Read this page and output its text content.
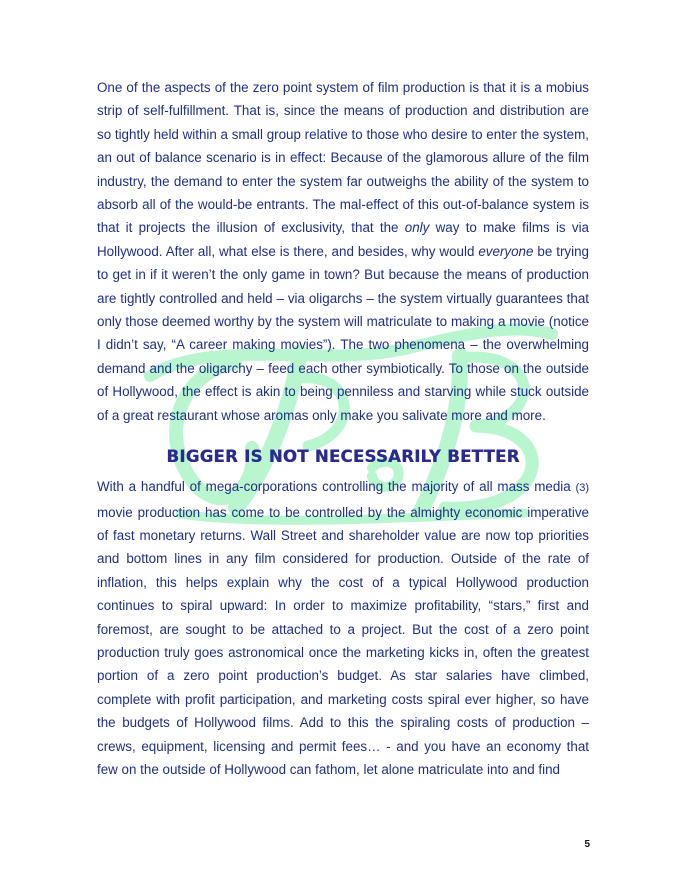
One of the aspects of the zero point system of film production is that it is a mobius strip of self-fulfillment. That is, since the means of production and distribution are so tightly held within a small group relative to those who desire to enter the system, an out of balance scenario is in effect: Because of the glamorous allure of the film industry, the demand to enter the system far outweighs the ability of the system to absorb all of the would-be entrants. The mal-effect of this out-of-balance system is that it projects the illusion of exclusivity, that the only way to make films is via Hollywood. After all, what else is there, and besides, why would everyone be trying to get in if it weren’t the only game in town? But because the means of production are tightly controlled and held – via oligarchs – the system virtually guarantees that only those deemed worthy by the system will matriculate to making a movie (notice I didn’t say, “A career making movies”). The two phenomena – the overwhelming demand and the oligarchy – feed each other symbiotically. To those on the outside of Hollywood, the effect is akin to being penniless and starving while stuck outside of a great restaurant whose aromas only make you salivate more and more.

BIGGER IS NOT NECESSARILY BETTER

With a handful of mega-corporations controlling the majority of all mass media (3) movie production has come to be controlled by the almighty economic imperative of fast monetary returns. Wall Street and shareholder value are now top priorities and bottom lines in any film considered for production. Outside of the rate of inflation, this helps explain why the cost of a typical Hollywood production continues to spiral upward: In order to maximize profitability, “stars,” first and foremost, are sought to be attached to a project. But the cost of a zero point production truly goes astronomical once the marketing kicks in, often the greatest portion of a zero point production’s budget. As star salaries have climbed, complete with profit participation, and marketing costs spiral ever higher, so have the budgets of Hollywood films. Add to this the spiraling costs of production – crews, equipment, licensing and permit fees… - and you have an economy that few on the outside of Hollywood can fathom, let alone matriculate into and find

5
